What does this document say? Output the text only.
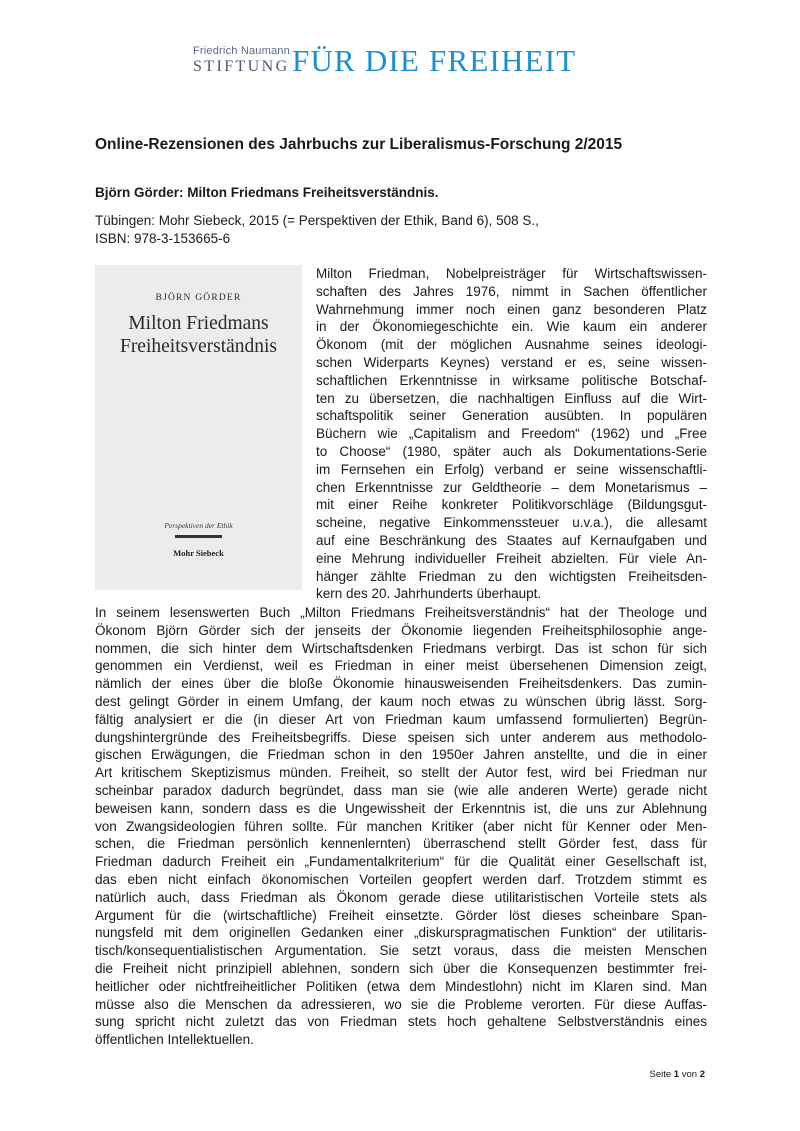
Friedrich Naumann
STIFTUNG FÜR DIE FREIHEIT
Online-Rezensionen des Jahrbuchs zur Liberalismus-Forschung 2/2015
Björn Görder: Milton Friedmans Freiheitsverständnis.
Tübingen: Mohr Siebeck, 2015 (= Perspektiven der Ethik, Band 6), 508 S.,
ISBN: 978-3-153665-6
BJÖRN GÖRDER
Milton Friedmans
Freiheitsverständnis
Perspektiven der Ethik
Mohr Siebeck
Milton Friedman, Nobelpreisträger für Wirtschaftswissen-
schaften des Jahres 1976, nimmt in Sachen öffentlicher
Wahrnehmung immer noch einen ganz besonderen Platz
in der Ökonomiegeschichte ein. Wie kaum ein anderer
Ökonom (mit der möglichen Ausnahme seines ideologi-
schen Widerparts Keynes) verstand er es, seine wissen-
schaftlichen Erkenntnisse in wirksame politische Botschaf-
ten zu übersetzen, die nachhaltigen Einfluss auf die Wirt-
schaftspolitik seiner Generation ausübten. In populären
Büchern wie „Capitalism and Freedom“ (1962) und „Free
to Choose“ (1980, später auch als Dokumentations-Serie
im Fernsehen ein Erfolg) verband er seine wissenschaftli-
chen Erkenntnisse zur Geldtheorie – dem Monetarismus –
mit einer Reihe konkreter Politikvorschläge (Bildungsgut-
scheine, negative Einkommenssteuer u.v.a.), die allesamt
auf eine Beschränkung des Staates auf Kernaufgaben und
eine Mehrung individueller Freiheit abzielten. Für viele An-
hänger zählte Friedman zu den wichtigsten Freiheitsden-
kern des 20. Jahrhunderts überhaupt.
In seinem lesenswerten Buch „Milton Friedmans Freiheitsverständnis“ hat der Theologe und
Ökonom Björn Görder sich der jenseits der Ökonomie liegenden Freiheitsphilosophie ange-
nommen, die sich hinter dem Wirtschaftsdenken Friedmans verbirgt. Das ist schon für sich
genommen ein Verdienst, weil es Friedman in einer meist übersehenen Dimension zeigt,
nämlich der eines über die bloße Ökonomie hinausweisenden Freiheitsdenkers. Das zumin-
dest gelingt Görder in einem Umfang, der kaum noch etwas zu wünschen übrig lässt. Sorg-
fältig analysiert er die (in dieser Art von Friedman kaum umfassend formulierten) Begrün-
dungshintergründe des Freiheitsbegriffs. Diese speisen sich unter anderem aus methodolo-
gischen Erwägungen, die Friedman schon in den 1950er Jahren anstellte, und die in einer
Art kritischem Skeptizismus münden. Freiheit, so stellt der Autor fest, wird bei Friedman nur
scheinbar paradox dadurch begründet, dass man sie (wie alle anderen Werte) gerade nicht
beweisen kann, sondern dass es die Ungewissheit der Erkenntnis ist, die uns zur Ablehnung
von Zwangsideologien führen sollte. Für manchen Kritiker (aber nicht für Kenner oder Men-
schen, die Friedman persönlich kennenlernten) überraschend stellt Görder fest, dass für
Friedman dadurch Freiheit ein „Fundamentalkriterium“ für die Qualität einer Gesellschaft ist,
das eben nicht einfach ökonomischen Vorteilen geopfert werden darf. Trotzdem stimmt es
natürlich auch, dass Friedman als Ökonom gerade diese utilitaristischen Vorteile stets als
Argument für die (wirtschaftliche) Freiheit einsetzte. Görder löst dieses scheinbare Span-
nungsfeld mit dem originellen Gedanken einer „diskurspragmatischen Funktion“ der utilitaris-
tisch/konsequentialistischen Argumentation. Sie setzt voraus, dass die meisten Menschen
die Freiheit nicht prinzipiell ablehnen, sondern sich über die Konsequenzen bestimmter frei-
heitlicher oder nichtfreiheitlicher Politiken (etwa dem Mindestlohn) nicht im Klaren sind. Man
müsse also die Menschen da adressieren, wo sie die Probleme verorten. Für diese Auffas-
sung spricht nicht zuletzt das von Friedman stets hoch gehaltene Selbstverständnis eines
öffentlichen Intellektuellen.
Seite 1 von 2
